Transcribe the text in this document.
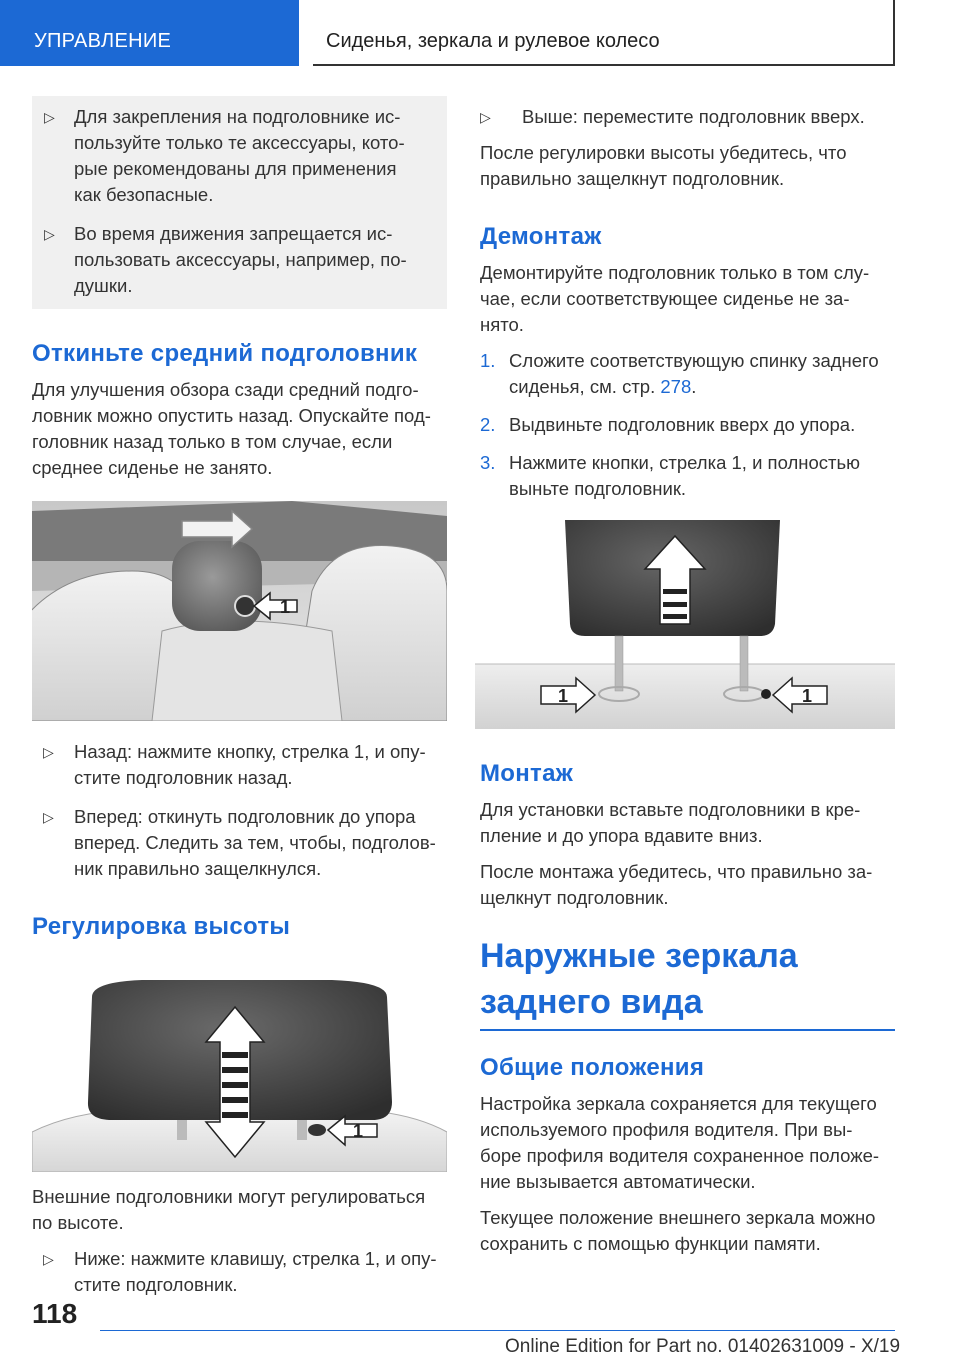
УПРАВЛЕНИЕ	Сиденья, зеркала и рулевое колесо
▷ Для закрепления на подголовнике ис-
пользуйте только те аксессуары, кото-
рые рекомендованы для применения
как безопасные.
▷ Во время движения запрещается ис-
пользовать аксессуары, например, по-
душки.
Откиньте средний подголовник
Для улучшения обзора сзади средний подго-
ловник можно опустить назад. Опускайте под-
головник назад только в том случае, если
среднее сиденье не занято.
1
▷ Назад: нажмите кнопку, стрелка 1, и опу-
стите подголовник назад.
▷ Вперед: откинуть подголовник до упора
вперед. Следить за тем, чтобы, подголов-
ник правильно защелкнулся.
Регулировка высоты
1
Внешние подголовники могут регулироваться
по высоте.
▷ Ниже: нажмите клавишу, стрелка 1, и опу-
стите подголовник.
▷ Выше: переместите подголовник вверх.
После регулировки высоты убедитесь, что
правильно защелкнут подголовник.
Демонтаж
Демонтируйте подголовник только в том слу-
чае, если соответствующее сиденье не за-
нято.
1. Сложите соответствующую спинку заднего
сиденья, см. стр. 278.
2. Выдвиньте подголовник вверх до упора.
3. Нажмите кнопки, стрелка 1, и полностью
выньте подголовник.
1	1
Монтаж
Для установки вставьте подголовники в кре-
пление и до упора вдавите вниз.
После монтажа убедитесь, что правильно за-
щелкнут подголовник.
Наружные зеркала
заднего вида
Общие положения
Настройка зеркала сохраняется для текущего
используемого профиля водителя. При вы-
боре профиля водителя сохраненное положе-
ние вызывается автоматически.
Текущее положение внешнего зеркала можно
сохранить с помощью функции памяти.
118
Online Edition for Part no. 01402631009 - X/19
